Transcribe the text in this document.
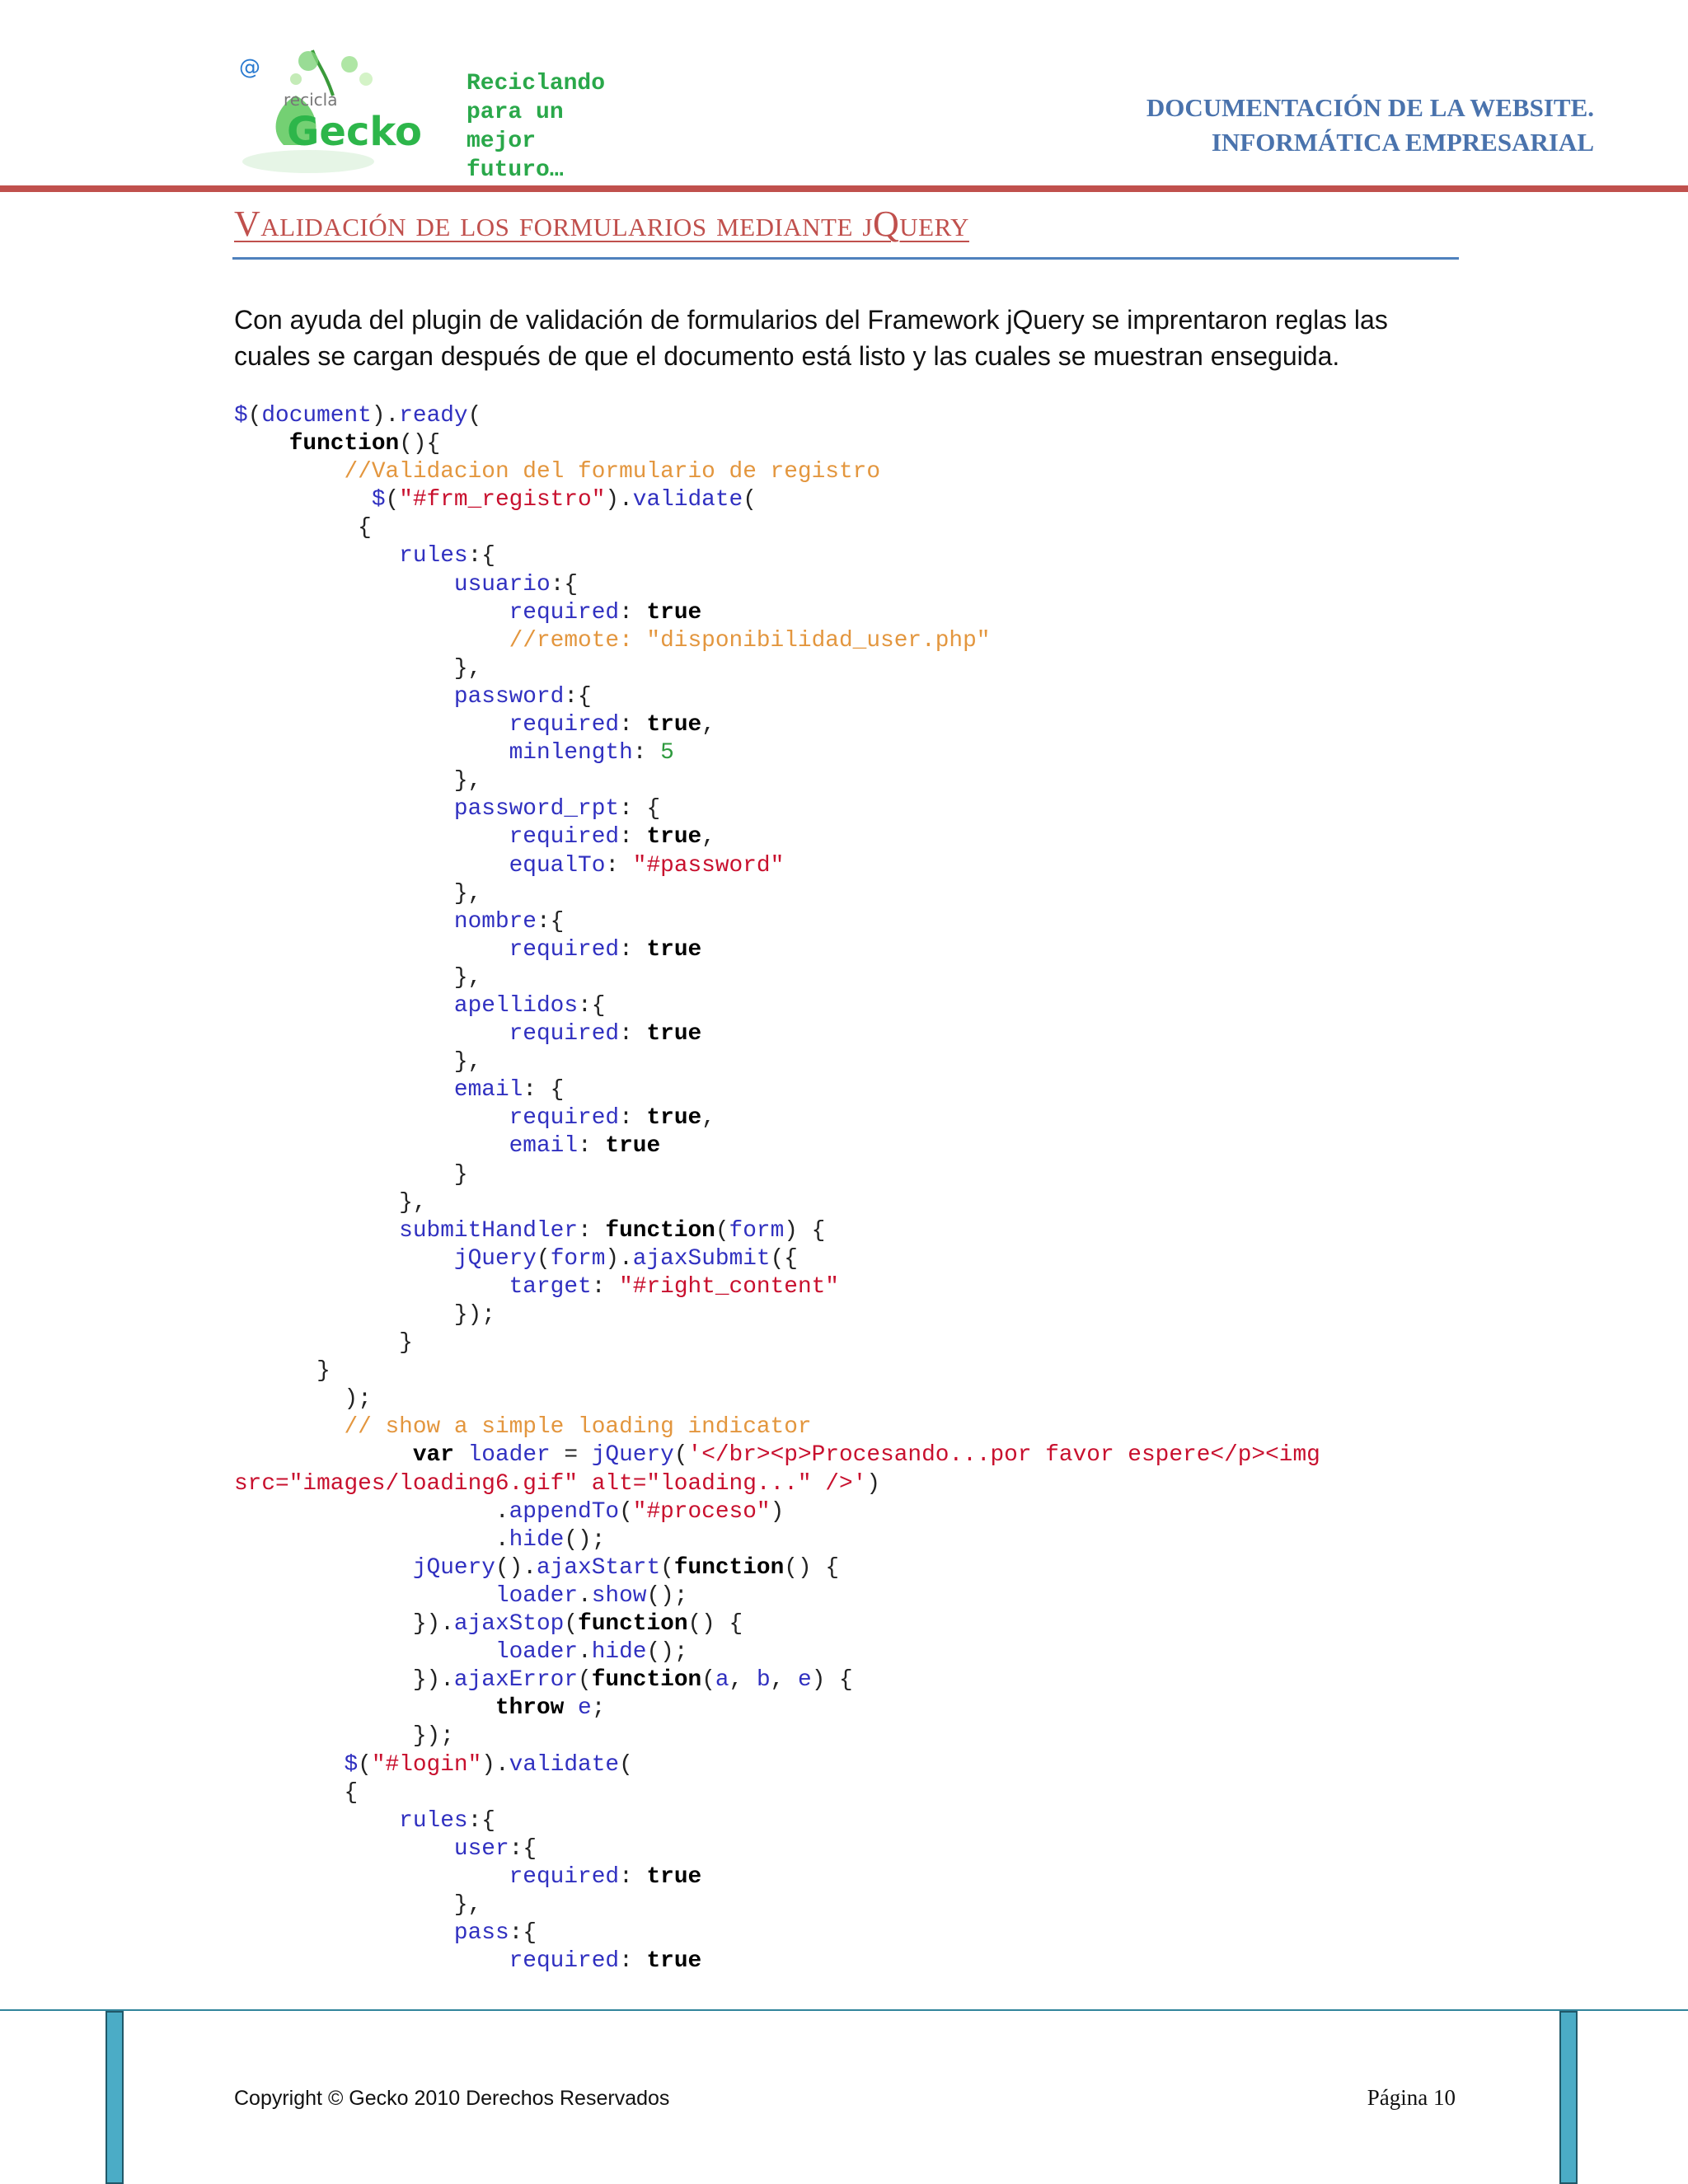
@
recicla
Gecko
Reciclando
para un
mejor
futuro…
DOCUMENTACIÓN DE LA WEBSITE.
INFORMÁTICA EMPRESARIAL
Validación de los formularios mediante jQuery

Con ayuda del plugin de validación de formularios del Framework jQuery se imprentaron reglas las cuales se cargan después de que el documento está listo y las cuales se muestran enseguida.

$(document).ready(
function(){
//Validacion del formulario de registro
$("#frm_registro").validate(
{
rules:{
usuario:{
required: true
//remote: "disponibilidad_user.php"
},
password:{
required: true,
minlength: 5
},
password_rpt: {
required: true,
equalTo: "#password"
},
nombre:{
required: true
},
apellidos:{
required: true
},
email: {
required: true,
email: true
}
},
submitHandler: function(form) {
jQuery(form).ajaxSubmit({
target: "#right_content"
});
}
}
);
// show a simple loading indicator
var loader = jQuery('</br><p>Procesando...por favor espere</p><img
src="images/loading6.gif" alt="loading..." />')
.appendTo("#proceso")
.hide();
jQuery().ajaxStart(function() {
loader.show();
}).ajaxStop(function() {
loader.hide();
}).ajaxError(function(a, b, e) {
throw e;
});
$("#login").validate(
{
rules:{
user:{
required: true
},
pass:{
required: true
Copyright © Gecko 2010 Derechos Reservados	Página 10
